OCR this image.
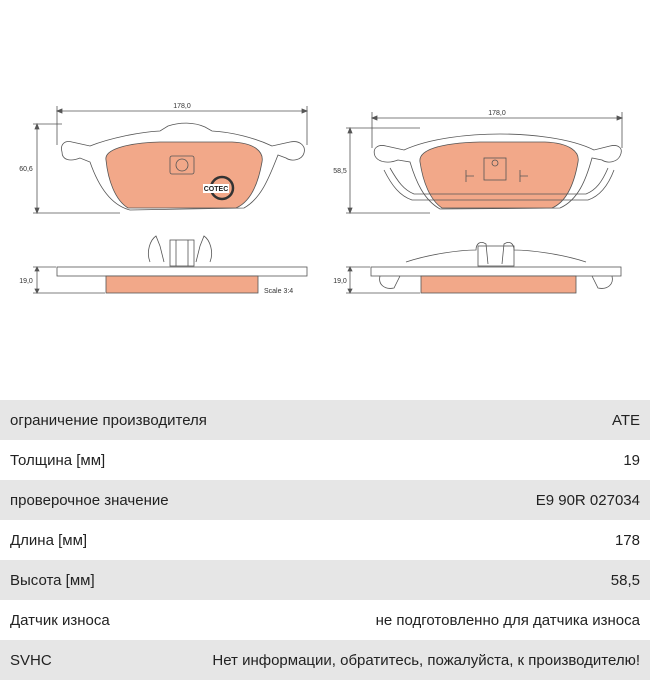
COTEC
178,0
178,0
60,6	58,5
19,0	19,0
Scale 3:4
ограничение производителя	ATE
Толщина [мм]	19
проверочное значение	E9 90R 027034
Длина [мм]	178
Высота [мм]	58,5
Датчик износа	не подготовленно для датчика износа
SVHC	Нет информации, обратитесь, пожалуйста, к производителю!
